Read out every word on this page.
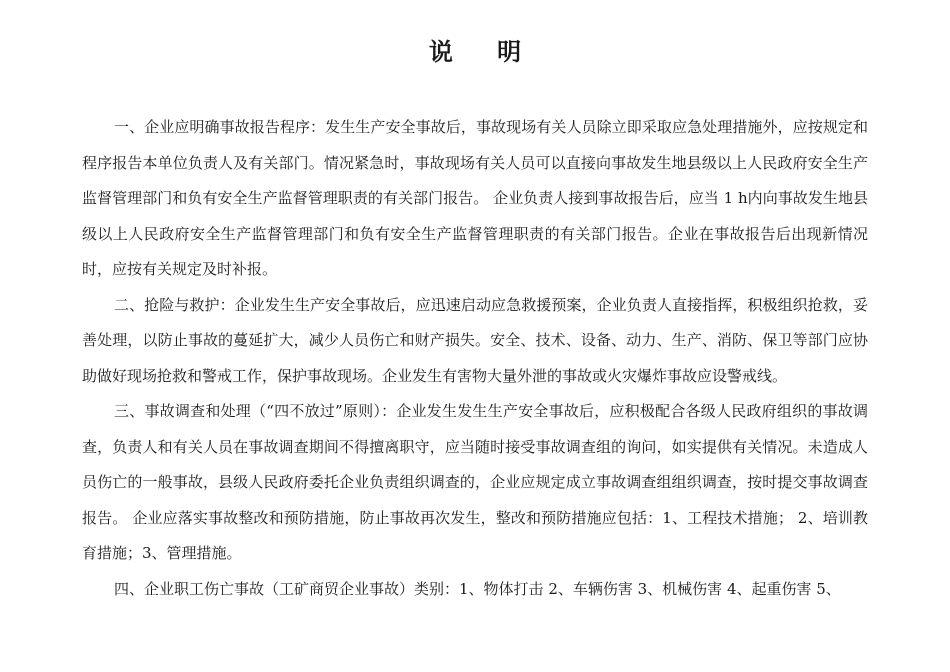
说 明

一、企业应明确事故报告程序：发生生产安全事故后，事故现场有关人员除立即采取应急处理措施外，应按规定和程序报告本单位负责人及有关部门。情况紧急时，事故现场有关人员可以直接向事故发生地县级以上人民政府安全生产监督管理部门和负有安全生产监督管理职责的有关部门报告。 企业负责人接到事故报告后，应当 1 h内向事故发生地县级以上人民政府安全生产监督管理部门和负有安全生产监督管理职责的有关部门报告。企业在事故报告后出现新情况时，应按有关规定及时补报。

二、抢险与救护：企业发生生产安全事故后，应迅速启动应急救援预案，企业负责人直接指挥，积极组织抢救，妥善处理，以防止事故的蔓延扩大，减少人员伤亡和财产损失。安全、技术、设备、动力、生产、消防、保卫等部门应协助做好现场抢救和警戒工作，保护事故现场。企业发生有害物大量外泄的事故或火灾爆炸事故应设警戒线。

三、事故调查和处理（“四不放过”原则）：企业发生发生生产安全事故后，应积极配合各级人民政府组织的事故调查，负责人和有关人员在事故调查期间不得擅离职守，应当随时接受事故调查组的询问，如实提供有关情况。未造成人员伤亡的一般事故，县级人民政府委托企业负责组织调查的，企业应规定成立事故调查组组织调查，按时提交事故调查报告。 企业应落实事故整改和预防措施，防止事故再次发生，整改和预防措施应包括：1、工程技术措施； 2、培训教育措施；3、管理措施。

四、企业职工伤亡事故（工矿商贸企业事故）类别：1、物体打击 2、车辆伤害 3、机械伤害 4、起重伤害 5、
